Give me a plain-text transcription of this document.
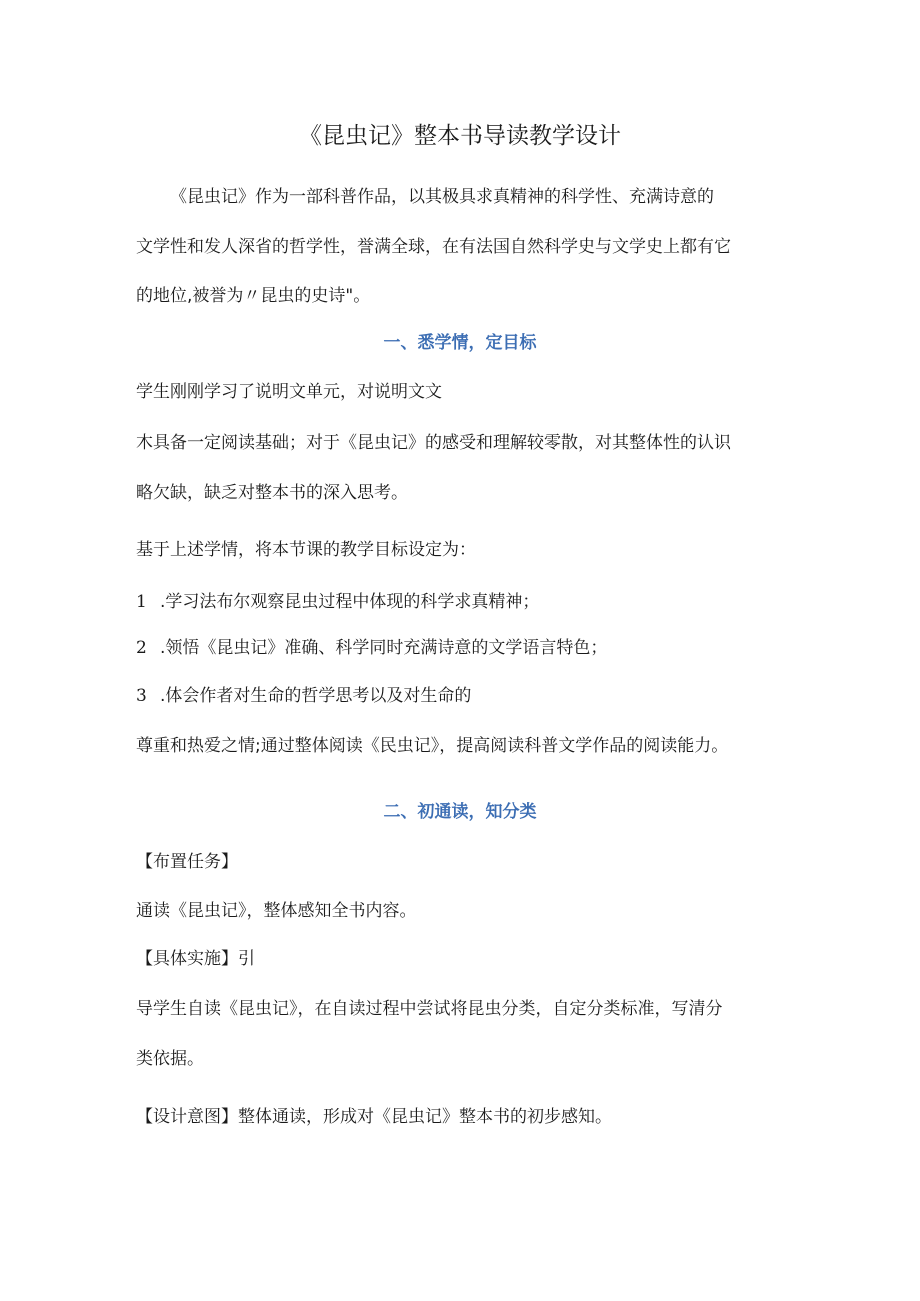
《昆虫记》整本书导读教学设计

《昆虫记》作为一部科普作品，以其极具求真精神的科学性、充满诗意的

文学性和发人深省的哲学性，誉满全球，在有法国自然科学史与文学史上都有它

的地位,被誉为〃昆虫的史诗"。

一、悉学情，定目标

学生刚刚学习了说明文单元，对说明文文

木具备一定阅读基础；对于《昆虫记》的感受和理解较零散，对其整体性的认识

略欠缺，缺乏对整本书的深入思考。

基于上述学情，将本节课的教学目标设定为：

1 .学习法布尔观察昆虫过程中体现的科学求真精神；

2 .领悟《昆虫记》准确、科学同时充满诗意的文学语言特色；

3 .体会作者对生命的哲学思考以及对生命的

尊重和热爱之情;通过整体阅读《民虫记》，提高阅读科普文学作品的阅读能力。

二、初通读，知分类

【布置任务】

通读《昆虫记》，整体感知全书内容。

【具体实施】引

导学生自读《昆虫记》，在自读过程中尝试将昆虫分类，自定分类标准，写清分

类依据。

【设计意图】整体通读，形成对《昆虫记》整本书的初步感知。
